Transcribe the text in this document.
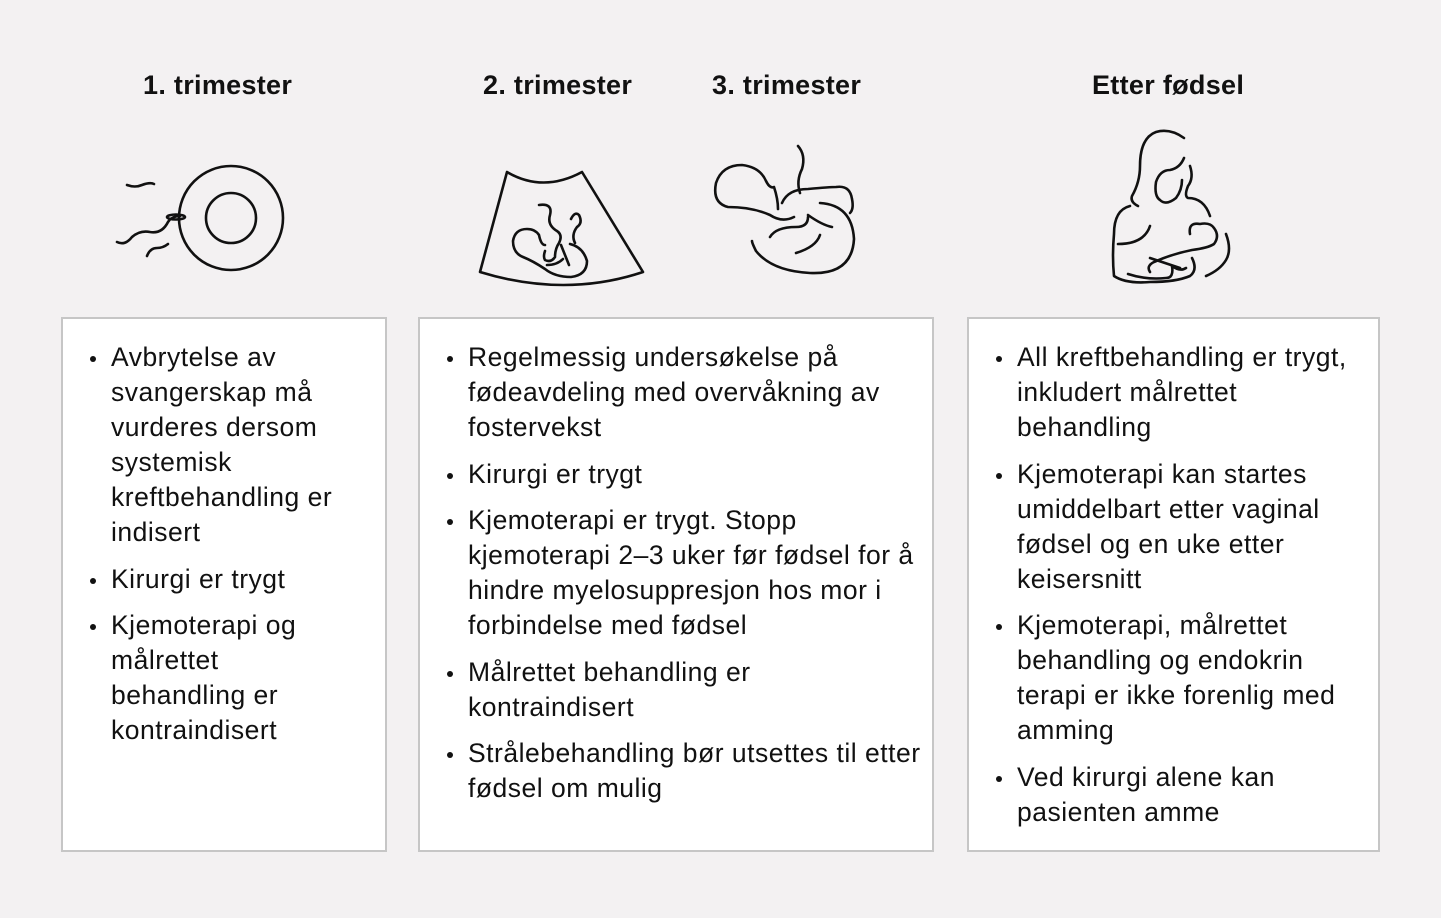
1. trimester	2. trimester	3. trimester	Etter fødsel
Avbrytelse av svangerskap må vurderes dersom systemisk kreftbehandling er indisert
Kirurgi er trygt
Kjemoterapi og målrettet behandling er kontraindisert
Regelmessig undersøkelse på fødeavdeling med overvåkning av fostervekst
Kirurgi er trygt
Kjemoterapi er trygt. Stopp kjemoterapi 2–3 uker før fødsel for å hindre myelosuppresjon hos mor i forbindelse med fødsel
Målrettet behandling er kontraindisert
Strålebehandling bør utsettes til etter fødsel om mulig
All kreftbehandling er trygt, inkludert målrettet behandling
Kjemoterapi kan startes umiddelbart etter vaginal fødsel og en uke etter keisersnitt
Kjemoterapi, målrettet behandling og endokrin terapi er ikke forenlig med amming
Ved kirurgi alene kan pasienten amme
